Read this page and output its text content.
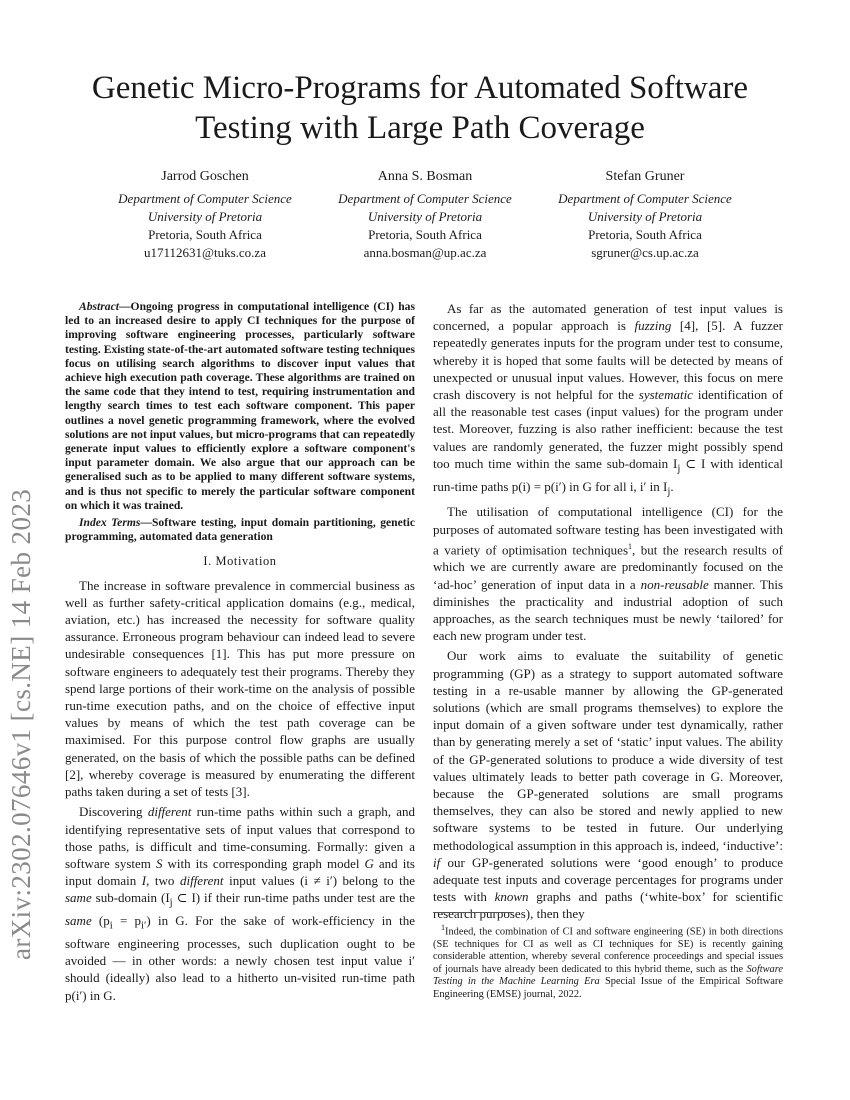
arXiv:2302.07646v1 [cs.NE] 14 Feb 2023
Genetic Micro-Programs for Automated Software Testing with Large Path Coverage
Jarrod Goschen
Department of Computer Science
University of Pretoria
Pretoria, South Africa
u17112631@tuks.co.za
Anna S. Bosman
Department of Computer Science
University of Pretoria
Pretoria, South Africa
anna.bosman@up.ac.za
Stefan Gruner
Department of Computer Science
University of Pretoria
Pretoria, South Africa
sgruner@cs.up.ac.za
Abstract—Ongoing progress in computational intelligence (CI) has led to an increased desire to apply CI techniques for the purpose of improving software engineering processes, particularly software testing. Existing state-of-the-art automated software testing techniques focus on utilising search algorithms to discover input values that achieve high execution path coverage. These algorithms are trained on the same code that they intend to test, requiring instrumentation and lengthy search times to test each software component. This paper outlines a novel genetic programming framework, where the evolved solutions are not input values, but micro-programs that can repeatedly generate input values to efficiently explore a software component's input parameter domain. We also argue that our approach can be generalised such as to be applied to many different software systems, and is thus not specific to merely the particular software component on which it was trained.
Index Terms—Software testing, input domain partitioning, genetic programming, automated data generation
I. Motivation

The increase in software prevalence in commercial business as well as further safety-critical application domains (e.g., medical, aviation, etc.) has increased the necessity for software quality assurance. Erroneous program behaviour can indeed lead to severe undesirable consequences [1]. This has put more pressure on software engineers to adequately test their programs. Thereby they spend large portions of their work-time on the analysis of possible run-time execution paths, and on the choice of effective input values by means of which the test path coverage can be maximised. For this purpose control flow graphs are usually generated, on the basis of which the possible paths can be defined [2], whereby coverage is measured by enumerating the different paths taken during a set of tests [3].

Discovering different run-time paths within such a graph, and identifying representative sets of input values that correspond to those paths, is difficult and time-consuming. Formally: given a software system S with its corresponding graph model G and its input domain I, two different input values (i ≠ i′) belong to the same sub-domain ($I_j$ ⊂ I) if their run-time paths under test are the same $(p_i = p_{i'})$ in G. For the sake of work-efficiency in the software engineering processes, such duplication ought to be avoided — in other words: a newly chosen test input value i′ should (ideally) also lead to a hitherto un-visited run-time path p(i′) in G.

As far as the automated generation of test input values is concerned, a popular approach is fuzzing [4], [5]. A fuzzer repeatedly generates inputs for the program under test to consume, whereby it is hoped that some faults will be detected by means of unexpected or unusual input values. However, this focus on mere crash discovery is not helpful for the systematic identification of all the reasonable test cases (input values) for the program under test. Moreover, fuzzing is also rather inefficient: because the test values are randomly generated, the fuzzer might possibly spend too much time within the same sub-domain $I_j$ ⊂ I with identical run-time paths p(i) = p(i′) in G for all i, i′ in $I_j$.

The utilisation of computational intelligence (CI) for the purposes of automated software testing has been investigated with a variety of optimisation techniques$^1$, but the research results of which we are currently aware are predominantly focused on the ‘ad-hoc’ generation of input data in a non-reusable manner. This diminishes the practicality and industrial adoption of such approaches, as the search techniques must be newly ‘tailored’ for each new program under test.

Our work aims to evaluate the suitability of genetic programming (GP) as a strategy to support automated software testing in a re-usable manner by allowing the GP-generated solutions (which are small programs themselves) to explore the input domain of a given software under test dynamically, rather than by generating merely a set of ‘static’ input values. The ability of the GP-generated solutions to produce a wide diversity of test values ultimately leads to better path coverage in G. Moreover, because the GP-generated solutions are small programs themselves, they can also be stored and newly applied to new software systems to be tested in future. Our underlying methodological assumption in this approach is, indeed, ‘inductive’: if our GP-generated solutions were ‘good enough’ to produce adequate test inputs and coverage percentages for programs under tests with known graphs and paths (‘white-box’ for scientific research purposes), then they

$^1$Indeed, the combination of CI and software engineering (SE) in both directions (SE techniques for CI as well as CI techniques for SE) is recently gaining considerable attention, whereby several conference proceedings and special issues of journals have already been dedicated to this hybrid theme, such as the Software Testing in the Machine Learning Era Special Issue of the Empirical Software Engineering (EMSE) journal, 2022.
